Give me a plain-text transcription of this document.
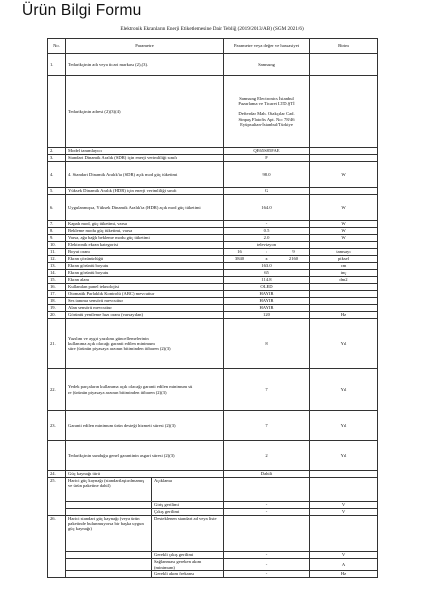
Ürün Bilgi Formu
Elektronik Ekranların Enerji Etiketlemesine Dair Tebliğ (2019/2013/AB) (SGM 2021/6)
No.	Parametre		Parametre veya değer ve hassasiyet	Birim
1.	Tedarikçinin adı veya ticari markası (2),(3).		Samsung	
	Tedarikçinin adresi (2)(3)(4)		Samsung Electronics İstanbul
Pazarlama ve Ticaret LTD.ŞTİ
Defterdar Mah. Otakçılar Cad.
Sinpaş Flatofis Apt. No: 78/46
Eyüpsultan-İstanbul/Türkiye	

2.	Model tanımlayıcı		QE65S85FAE	
3.	Standart Dinamik Aralık (SDR) için enerji verimliliği sınıfı		F	
4.	4. Standart Dinamik Aralık'ta (SDR) açık mod güç tüketimi		98.0	W
5.	Yüksek Dinamik Aralık (HDR) için enerji verimliliği sınıfı		G	
6.	Uygulanmışsa, Yüksek Dinamik Aralık'ta (HDR) açık mod güç tüketimi		164.0	W
7.	Kapalı mod, güç tüketimi, varsa		-	W
8.	Bekleme modu güç tüketimi, varsa		0.5	W
9.	Varsa, ağa bağlı bekleme modu güç tüketimi		2.0	W
10.	Elektronik ekran kategorisi		televizyon	
11.	Boyut oranı		16 : 9	tamsayı
12.	Ekran çözünürlüğü		3840 x 2160	piksel
13.	Ekran görüntü boyutu		163.0	cm
14.	Ekran görüntü boyutu		65	inç
15.	Ekran alanı		114.8	dm2
16.	Kullanılan panel teknolojisi		OLED	
17.	Otomatik Parlaklık Kontrolü (ABC) mevcuttur		HAYIR	
18.	Ses tanıma sensörü mevcuttur		HAYIR	
19.	Alan sensörü mevcuttur		HAYIR	
20.	Görüntü yenileme hızı oranı (varsayılan)		120	Hz
21.	Yazılım ve aygıt yazılımı güncellemelerinin
kullanıma açık olacağı garanti edilen minimum
süre (ürünün piyasaya arzının bitiminden itibaren (2)(3)		8	Yıl
22.	Yedek parçaların kullanıma açık olacağı garanti edilen minimum sü
re (ürünün piyasaya arzının bitiminden itibaren (2)(3)		7	Yıl
23.	Garanti edilen minimum ürün desteği hizmeti süresi (2)(3)		7	Yıl
	Tedarikçinin sunduğu genel garantinin asgari süresi (2)(3)		2	Yıl
24.	Güç kaynağı türü		Dahili	
25.	Harici güç kaynağı (standartlaştırılmamış ve ürün paketine dahil)	Açıklama		
		Giriş gerilimi	-	V
		Çıkış gerilimi	-	V
26.	Harici standart güç kaynağı (veya ürün paketinde bulunmuyorsa bir başka uygun güç kaynağı)	Desteklenen standart ad veya liste		
		Gerekli çıkış gerilimi	-	V
		Sağlanması gereken akım (minimum)	-	A
		Gerekli akım frekansı	-	Hz
